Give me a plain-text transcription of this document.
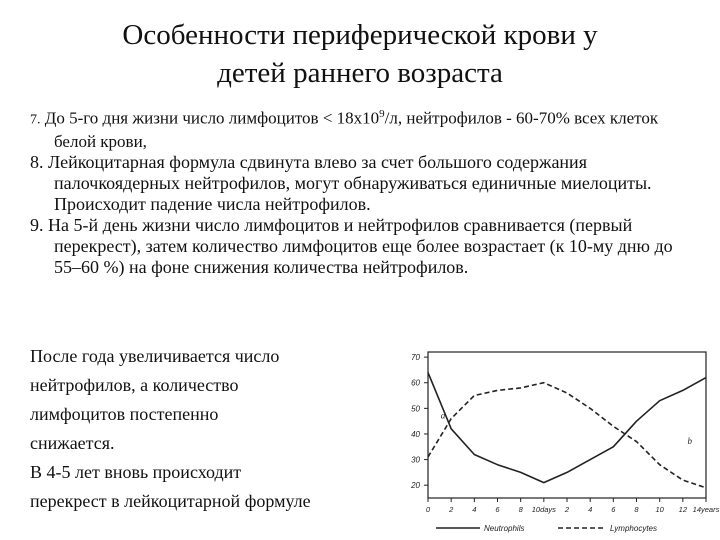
Особенности периферической крови у
детей раннего возраста
7. До 5-го дня жизни число лимфоцитов < $18х10^9/л$, нейтрофилов - 60-70% всех клеток белой крови,
8. Лейкоцитарная формула сдвинута влево за счет большого содержания палочкоядерных нейтрофилов, могут обнаруживаться единичные миелоциты. Происходит падение числа нейтрофилов.
9. На 5-й день жизни число лимфоцитов и нейтрофилов сравнивается (первый перекрест), затем количество лимфоцитов еще более возрастает (к 10-му дню до 55–60 %) на фоне снижения количества нейтрофилов.
После года увеличивается число
нейтрофилов, а количество
лимфоцитов постепенно
снижается.
В 4-5 лет вновь происходит
перекрест в лейкоцитарной формуле
70
60
50
40
30
20
0	2	4	6	8 10days 2	4	6	8 10 12 14years
a
b
Neutrophils	Lymphocytes
